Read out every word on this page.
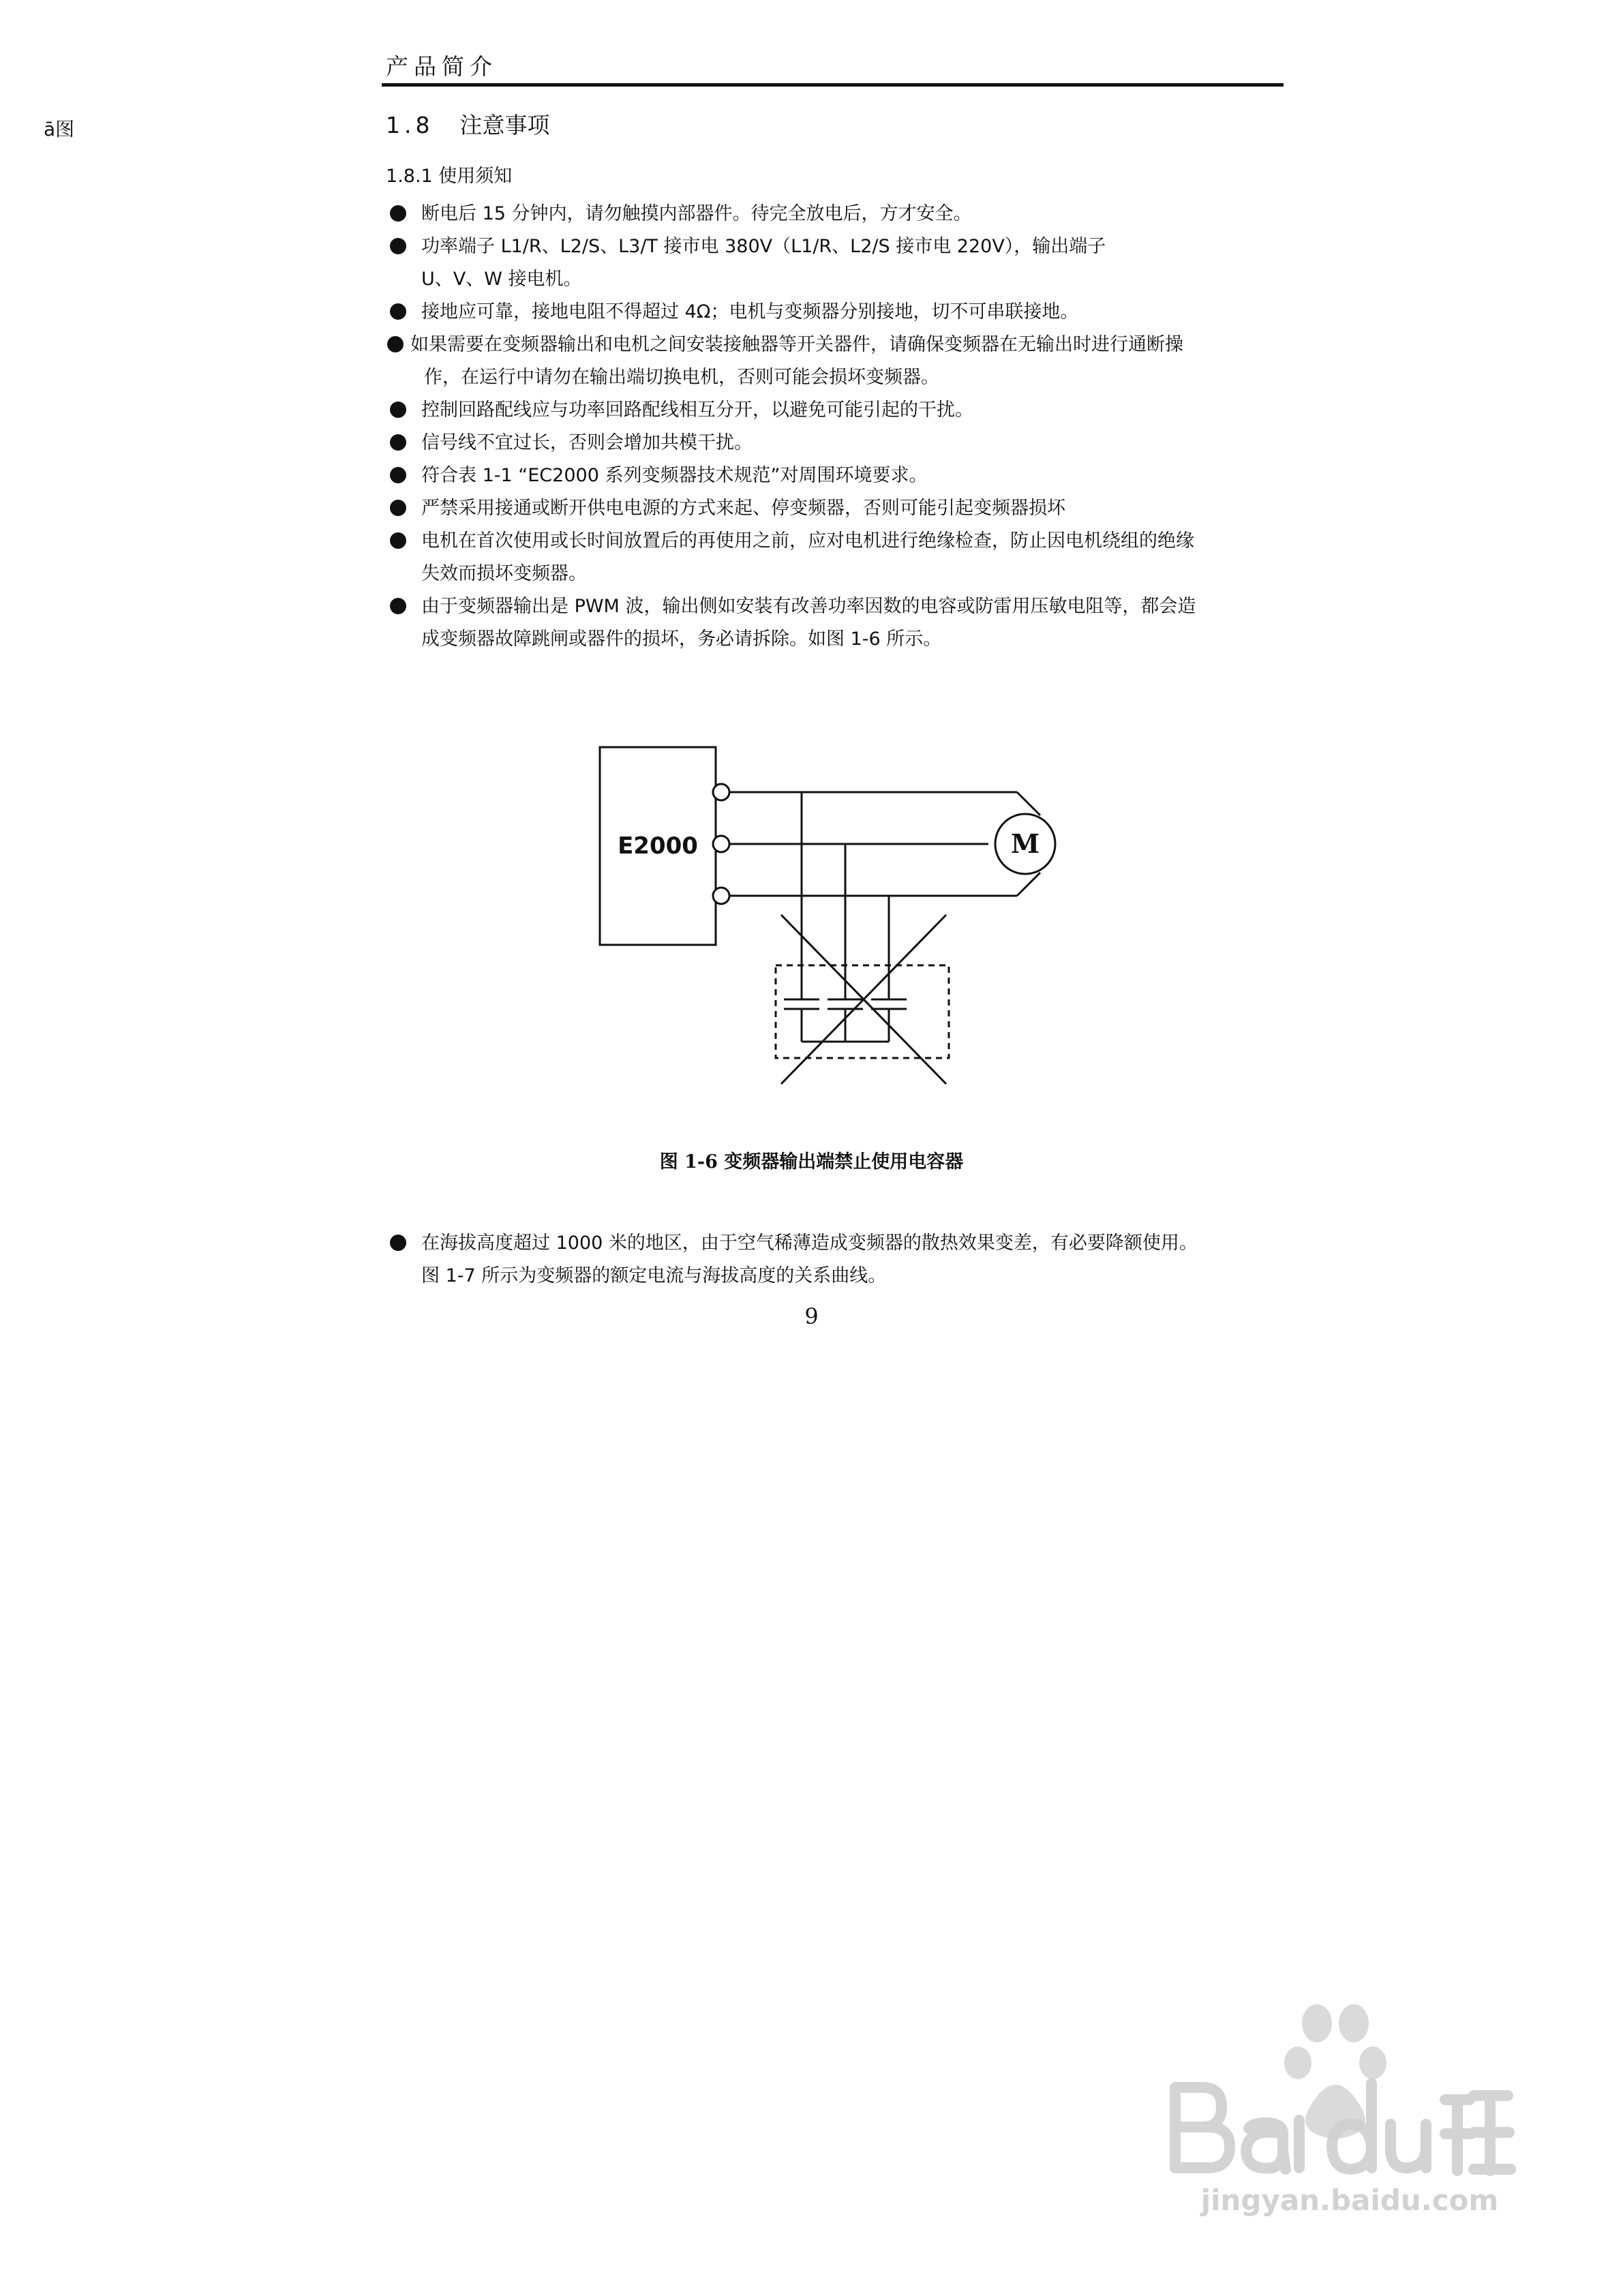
ā图
产品简介
1.8 注意事项
1.8.1 使用须知
断电后 15 分钟内，请勿触摸内部器件。待完全放电后，方才安全。
功率端子 L1/R、L2/S、L3/T 接市电 380V（L1/R、L2/S 接市电 220V），输出端子
U、V、W 接电机。
接地应可靠，接地电阻不得超过 4Ω；电机与变频器分别接地，切不可串联接地。
如果需要在变频器输出和电机之间安装接触器等开关器件，请确保变频器在无输出时进行通断操
作，在运行中请勿在输出端切换电机，否则可能会损坏变频器。
控制回路配线应与功率回路配线相互分开，以避免可能引起的干扰。
信号线不宜过长，否则会增加共模干扰。
符合表 1-1 “EC2000 系列变频器技术规范”对周围环境要求。
严禁采用接通或断开供电电源的方式来起、停变频器，否则可能引起变频器损坏
电机在首次使用或长时间放置后的再使用之前，应对电机进行绝缘检查，防止因电机绕组的绝缘
失效而损坏变频器。
由于变频器输出是 PWM 波，输出侧如安装有改善功率因数的电容或防雷用压敏电阻等，都会造
成变频器故障跳闸或器件的损坏，务必请拆除。如图 1-6 所示。
E2000	M
图 1-6 变频器输出端禁止使用电容器
在海拔高度超过 1000 米的地区，由于空气稀薄造成变频器的散热效果变差，有必要降额使用。
图 1-7 所示为变频器的额定电流与海拔高度的关系曲线。
9
jingyan.baidu.com
